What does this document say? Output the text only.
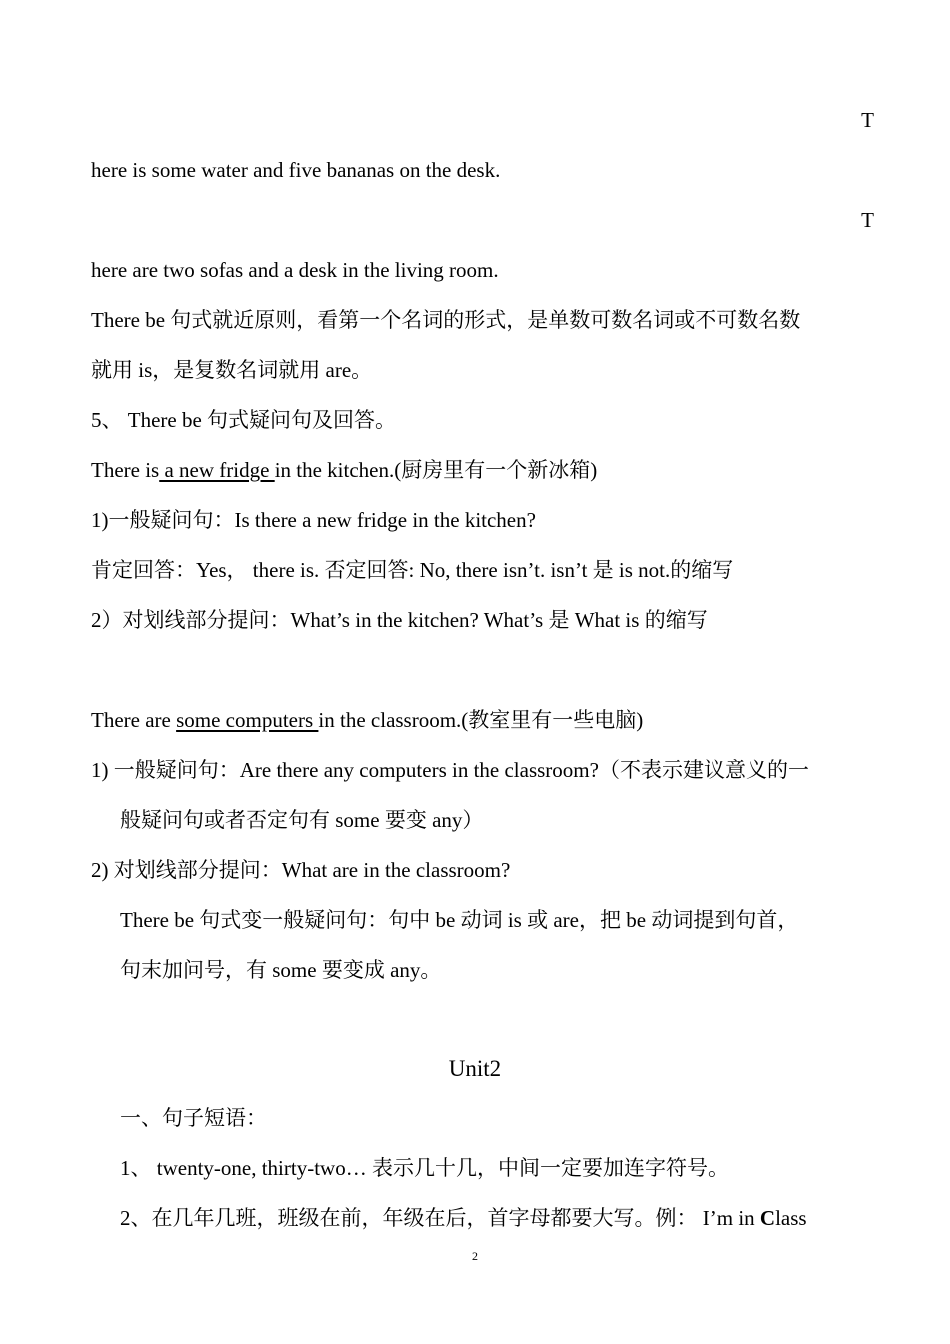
T
here is some water and five bananas on the desk.
T
here are two sofas and a desk in the living room.
There be 句式就近原则，看第一个名词的形式，是单数可数名词或不可数名数
就用 is，是复数名词就用 are。
5、 There be 句式疑问句及回答。
There is a new fridge in the kitchen.(厨房里有一个新冰箱)
1)一般疑问句：Is there a new fridge in the kitchen?
肯定回答：Yes， there is. 否定回答: No, there isn’t. isn’t 是 is not.的缩写
2）对划线部分提问：What’s in the kitchen? What’s 是 What is 的缩写
There are some computers in the classroom.(教室里有一些电脑)
1) 一般疑问句：Are there any computers in the classroom?（不表示建议意义的一
般疑问句或者否定句有 some 要变 any）
2) 对划线部分提问：What are in the classroom?
There be 句式变一般疑问句：句中 be 动词 is 或 are，把 be 动词提到句首，
句末加问号，有 some 要变成 any。
Unit2
一、句子短语：
1、 twenty-one, thirty-two… 表示几十几，中间一定要加连字符号。
2、在几年几班，班级在前，年级在后，首字母都要大写。例： I’m in Class
2
